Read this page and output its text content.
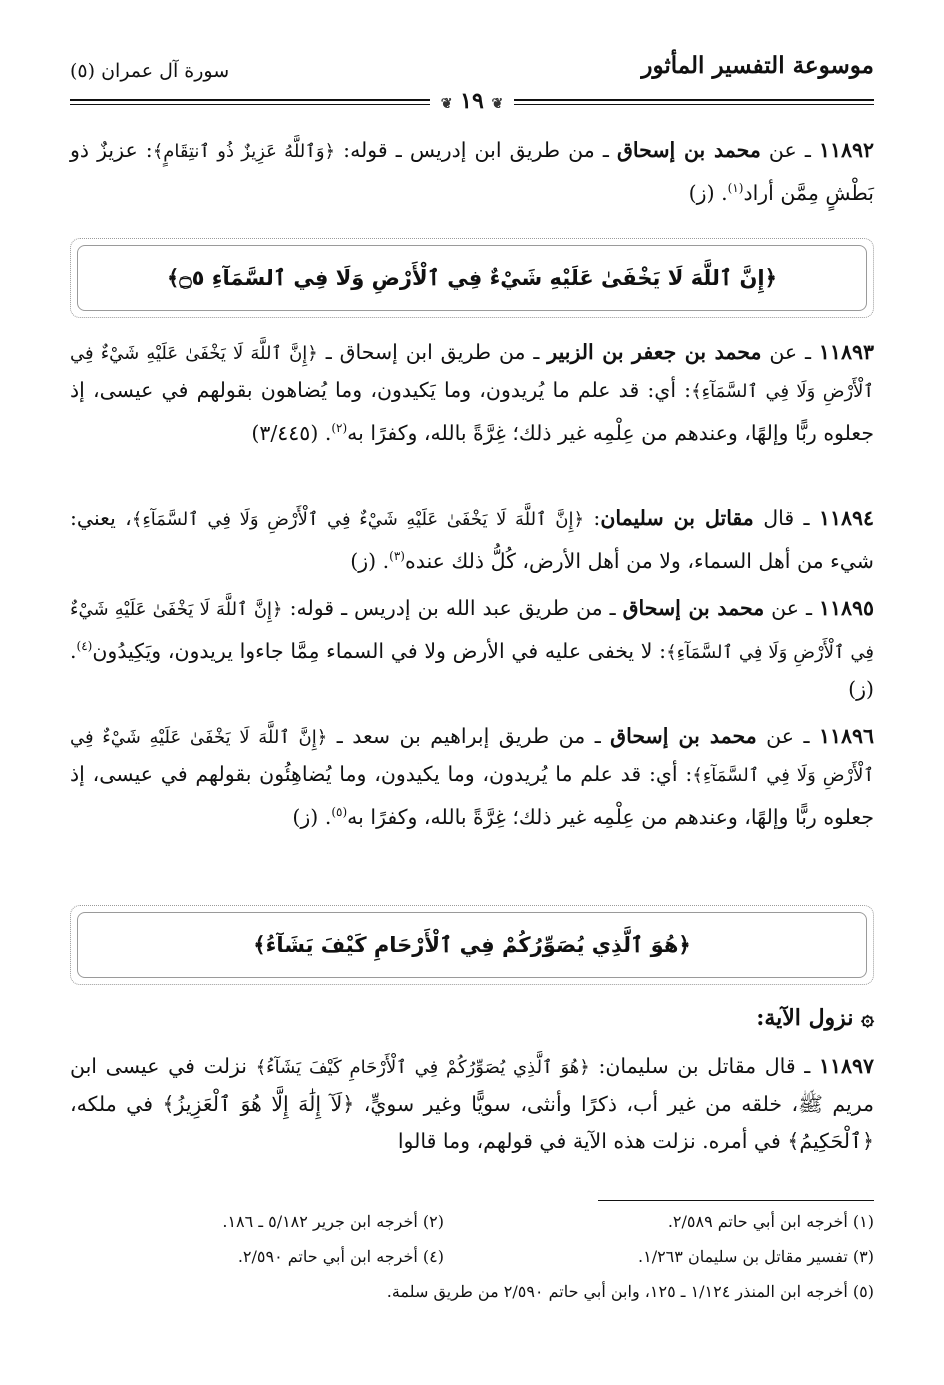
موسوعة التفسير المأثور
سورة آل عمران (٥)
❦ ١٩ ❦
١١٨٩٢ ـ عن محمد بن إسحاق ـ من طريق ابن إدريس ـ قوله: ﴿وَٱللَّهُ عَزِيزٌ ذُو ٱنتِقَامٍ﴾: عزيزٌ ذو بَطْشٍ مِمَّن أراد$^{(١)}$. (ز)
﴿إِنَّ ٱللَّهَ لَا يَخْفَىٰ عَلَيْهِ شَيْءٌ فِي ٱلْأَرْضِ وَلَا فِي ٱلسَّمَآءِ ۝٥﴾
١١٨٩٣ ـ عن محمد بن جعفر بن الزبير ـ من طريق ابن إسحاق ـ ﴿إِنَّ ٱللَّهَ لَا يَخْفَىٰ عَلَيْهِ شَيْءٌ فِي ٱلْأَرْضِ وَلَا فِي ٱلسَّمَآءِ﴾: أي: قد علم ما يُريدون، وما يَكيدون، وما يُضاهون بقولهم في عيسى، إذ جعلوه ربًّا وإلهًا، وعندهم من عِلْمِه غير ذلك؛ غِرَّةً بالله، وكفرًا به$^{(٢)}$. (٣/٤٤٥)
١١٨٩٤ ـ قال مقاتل بن سليمان: ﴿إِنَّ ٱللَّهَ لَا يَخْفَىٰ عَلَيْهِ شَيْءٌ فِي ٱلْأَرْضِ وَلَا فِي ٱلسَّمَآءِ﴾، يعني: شيء من أهل السماء، ولا من أهل الأرض، كُلُّ ذلك عنده$^{(٣)}$. (ز)
١١٨٩٥ ـ عن محمد بن إسحاق ـ من طريق عبد الله بن إدريس ـ قوله: ﴿إِنَّ ٱللَّهَ لَا يَخْفَىٰ عَلَيْهِ شَيْءٌ فِي ٱلْأَرْضِ وَلَا فِي ٱلسَّمَآءِ﴾: لا يخفى عليه في الأرض ولا في السماء مِمَّا جاءوا يريدون، ويَكِيدُون$^{(٤)}$. (ز)
١١٨٩٦ ـ عن محمد بن إسحاق ـ من طريق إبراهيم بن سعد ـ ﴿إِنَّ ٱللَّهَ لَا يَخْفَىٰ عَلَيْهِ شَيْءٌ فِي ٱلْأَرْضِ وَلَا فِي ٱلسَّمَآءِ﴾: أي: قد علم ما يُريدون، وما يكيدون، وما يُضاهِئُون بقولهم في عيسى، إذ جعلوه ربًّا وإلهًا، وعندهم من عِلْمِه غير ذلك؛ غِرَّةً بالله، وكفرًا به$^{(٥)}$. (ز)
﴿هُوَ ٱلَّذِي يُصَوِّرُكُمْ فِي ٱلْأَرْحَامِ كَيْفَ يَشَآءُ﴾
۞ نزول الآية:
١١٨٩٧ ـ قال مقاتل بن سليمان: ﴿هُوَ ٱلَّذِي يُصَوِّرُكُمْ فِي ٱلْأَرْحَامِ كَيْفَ يَشَآءُ﴾ نزلت في عيسى ابن مريم ﷺ، خلقه من غير أب، ذكرًا وأنثى، سويًّا وغير سويٍّ، ﴿لَآ إِلَٰهَ إِلَّا هُوَ ٱلْعَزِيزُ﴾ في ملكه، ﴿ٱلْحَكِيمُ﴾ في أمره. نزلت هذه الآية في قولهم، وما قالوا
(١) أخرجه ابن أبي حاتم ٢/٥٨٩.
(٢) أخرجه ابن جرير ٥/١٨٢ ـ ١٨٦.
(٣) تفسير مقاتل بن سليمان ١/٢٦٣.
(٤) أخرجه ابن أبي حاتم ٢/٥٩٠.
(٥) أخرجه ابن المنذر ١/١٢٤ ـ ١٢٥، وابن أبي حاتم ٢/٥٩٠ من طريق سلمة.
